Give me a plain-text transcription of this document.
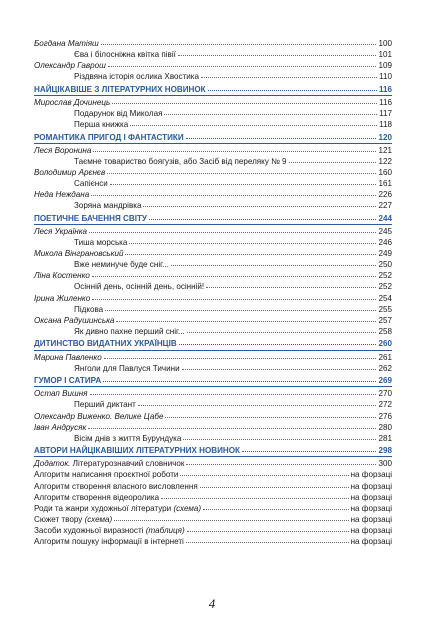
Богдана Матіяш	100
Єва і білосніжна квітка півії	101
Олександр Гаврош	109
Різдвяна історія ослика Хвостика	110
НАЙЦІКАВІШЕ З ЛІТЕРАТУРНИХ НОВИНОК	116
Мирослав Дочинець	116
Подарунок від Миколая	117
Перша книжка	118
РОМАНТИКА ПРИГОД І ФАНТАСТИКИ	120
Леся Воронина	121
Таємне товариство боягузів, або Засіб від переляку № 9	122
Володимир Арєнєв	160
Сапієнси	161
Неда Неждана	226
Зоряна мандрівка	227
ПОЕТИЧНЕ БАЧЕННЯ СВІТУ	244
Леся Українка	245
Тиша морська	246
Микола Вінграновський	249
Вже неминуче буде сніг...	250
Ліна Костенко	252
Осінній день, осінній день, осінній!	252
Ірина Жиленко	254
Підкова	255
Оксана Радушинська	257
Як дивно пахне перший сніг...	258
ДИТИНСТВО ВИДАТНИХ УКРАЇНЦІВ	260
Марина Павленко	261
Янголи для Павлуся Тичини	262
ГУМОР І САТИРА	269
Остап Вишня	270
Перший диктант	272
Олександр Виженко. Велике Цабе	276
Іван Андрусяк	280
Вісім днів з життя Бурундука	281
АВТОРИ НАЙЦІКАВІШИХ ЛІТЕРАТУРНИХ НОВИНОК	298
Додаток. Літературознавчий словничок	300
Алгоритм написання проєктної роботи	на форзаці
Алгоритм створення власного висловлення	на форзаці
Алгоритм створення відеоролика	на форзаці
Роди та жанри художньої літератури (схема)	на форзаці
Сюжет твору (схема)	на форзаці
Засоби художньої виразності (таблиця)	на форзаці
Алгоритм пошуку інформації в інтернеті	на форзаці
4
